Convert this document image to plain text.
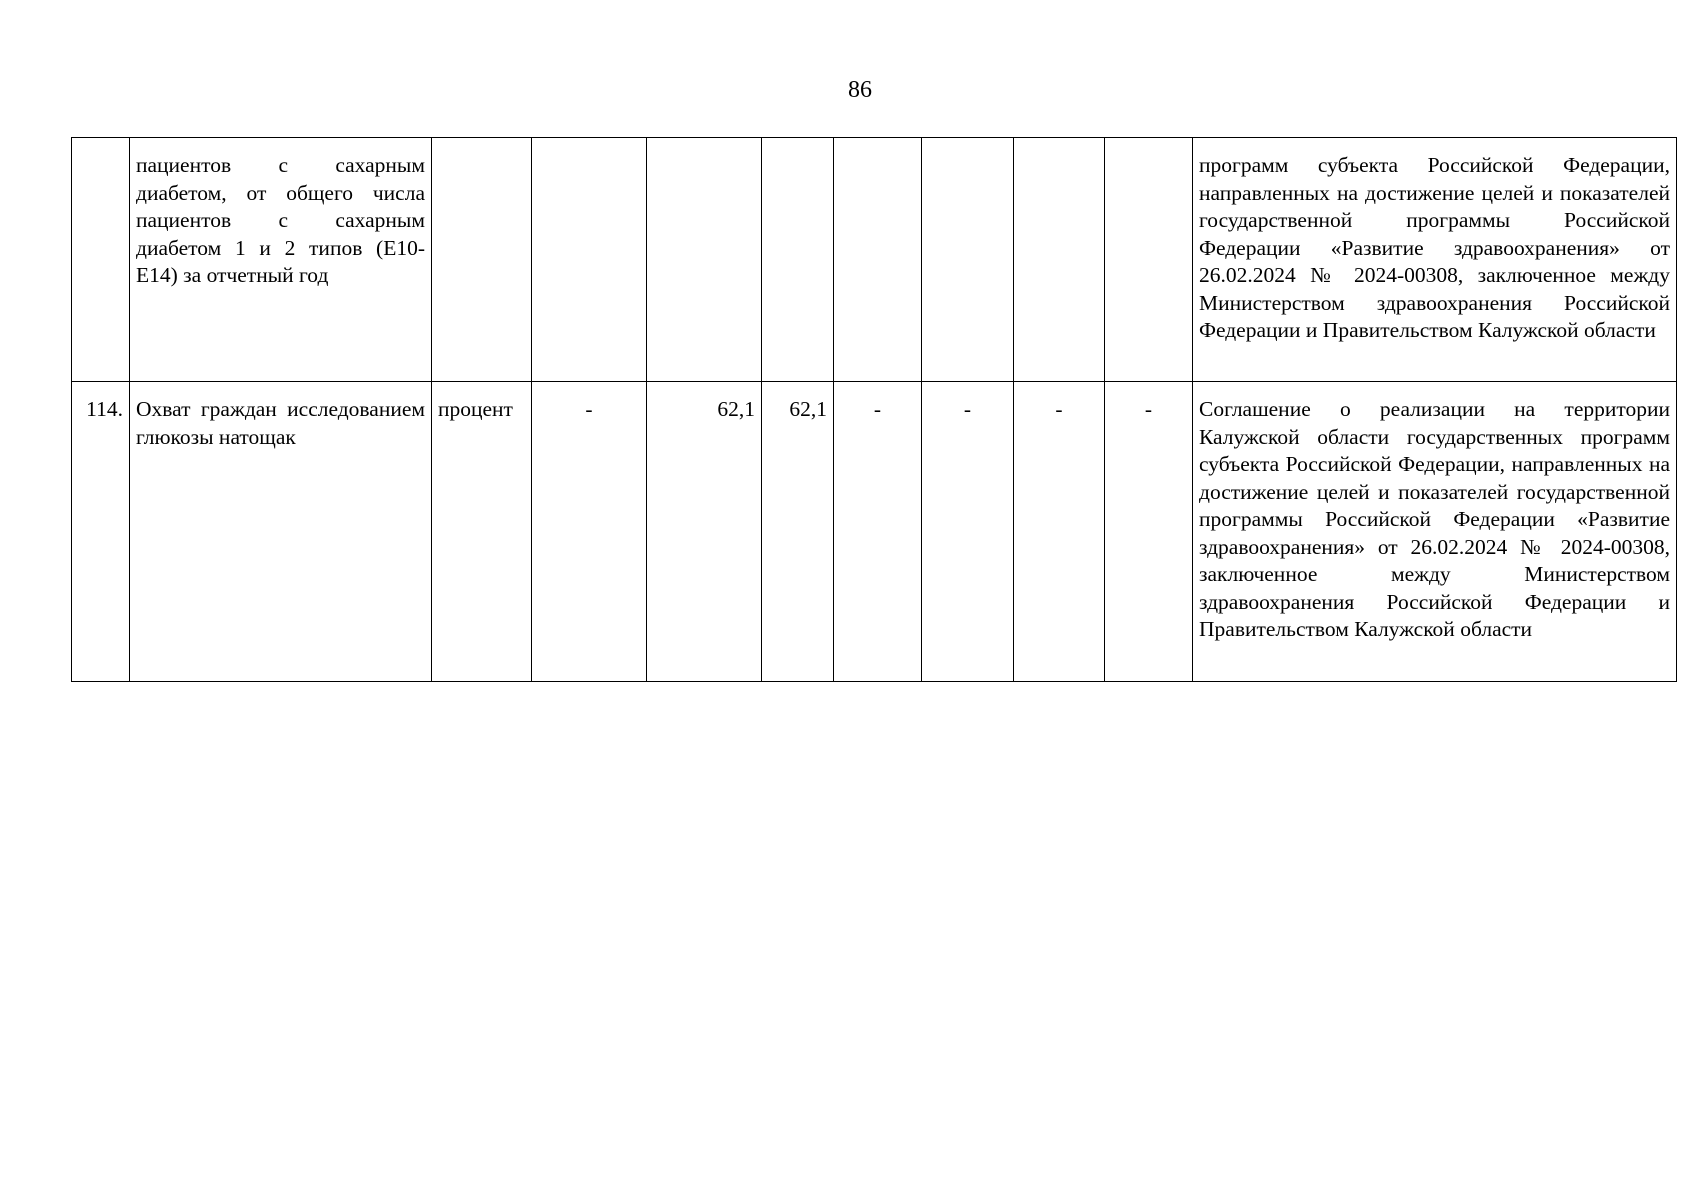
86
	пациентов с сахарным диабетом, от общего числа пациентов с сахарным диабетом 1 и 2 типов (Е10-Е14) за отчетный год									программ субъекта Российской Федерации, направленных на достижение целей и показателей государственной программы Российской Федерации «Развитие здравоохранения» от 26.02.2024 № 2024-00308, заключенное между Министерством здравоохранения Российской Федерации и Правительством Калужской области
114.	Охват граждан исследованием глюкозы натощак	процент	-	62,1	62,1	-	-	-	-	Соглашение о реализации на территории Калужской области государственных программ субъекта Российской Федерации, направленных на достижение целей и показателей государственной программы Российской Федерации «Развитие здравоохранения» от 26.02.2024 № 2024-00308, заключенное между Министерством здравоохранения Российской Федерации и Правительством Калужской области
